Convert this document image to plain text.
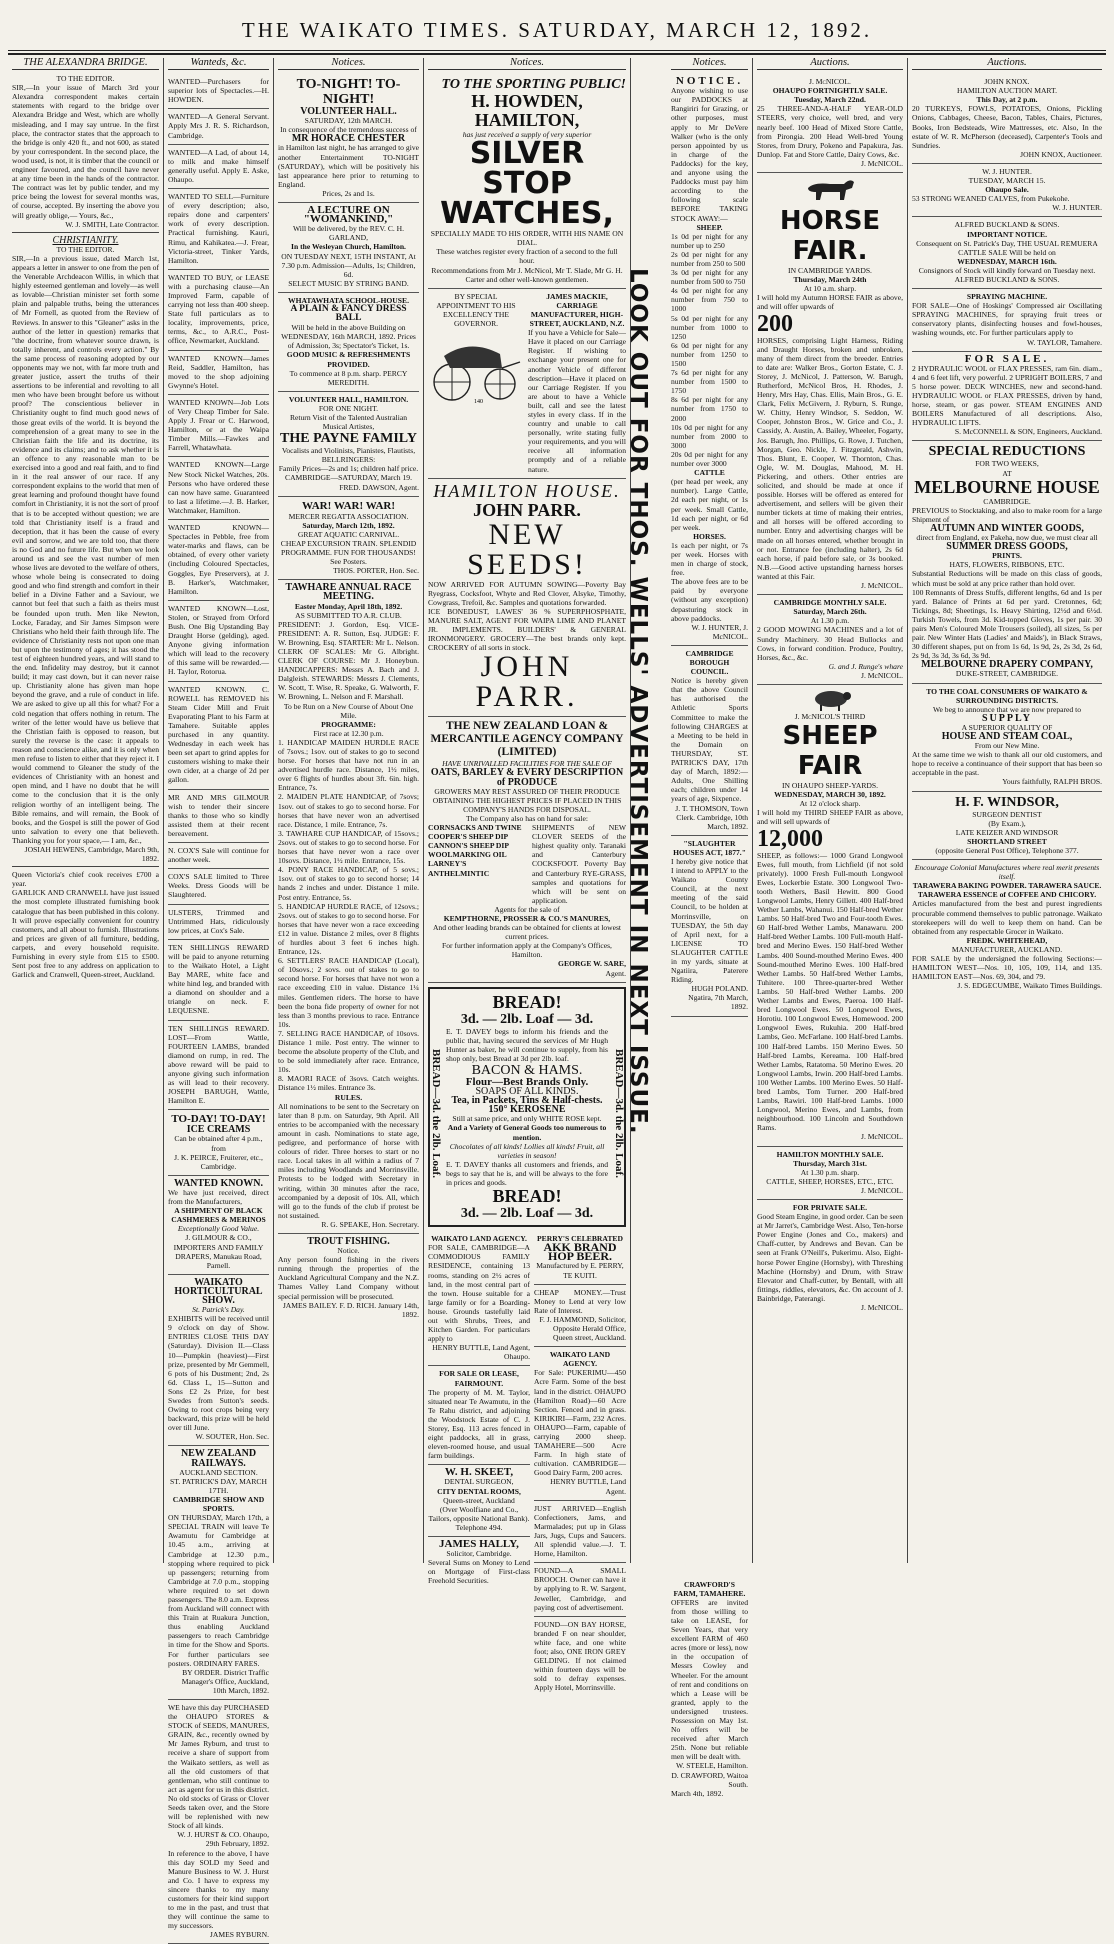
THE WAIKATO TIMES. SATURDAY, MARCH 12, 1892.
THE ALEXANDRA BRIDGE.
TO THE EDITOR.
SIR,—In your issue of March 3rd your Alexandra correspondent makes certain statements with regard to the bridge over Alexandra Bridge and West, which are wholly misleading, and I may say untrue. In the first place, the contractor states that the approach to the bridge is only 420 ft., and not 600, as stated by your correspondent. In the second place, the wood used, is not, it is timber that the council or engineer favoured, and the council have never at any time been in the hands of the contractor. The contract was let by public tender, and my price being the lowest for several months was, of course, accepted. By inserting the above you will greatly oblige,— Yours, &c.,
W. J. SMITH, Late Contractor.
CHRISTIANITY.
TO THE EDITOR.
SIR,—In a previous issue, dated March 1st, appears a letter in answer to one from the pen of the Venerable Archdeacon Willis, in which that highly esteemed gentleman and lovely—as well as lovable—Christian minister set forth some plain and palpable truths, being the utterances of Mr Fornell, as quoted from the Review of Reviews. In answer to this "Gleaner" asks in the author of the letter in question) remarks that "the doctrine, from whatever source drawn, is totally inherent, and controls every action." By the same process of reasoning adopted by our opponents may we not, with far more truth and greater justice, assert the truths of their assertions to be inferential and revolting to all men who have been brought before us without proof? The conscientious believer in Christianity ought to find much good news of those great evils of the world. It is beyond the comprehension of a great many to see in the Christian faith the life and its doctrine, its evidence and its claims; and to ask whether it is an offence to any reasonable man to be exercised into a good and real faith, and to find in it the real answer of our race. If any correspondent explains to the world that men of great learning and profound thought have found comfort in Christianity, it is not the sort of proof that is to be accepted without question; we are told that Christianity itself is a fraud and deception, that it has been the cause of every evil and sorrow, and we are told too, that there is no God and no future life. But when we look around us and see the vast number of men whose lives are devoted to the welfare of others, whose whole being is consecrated to doing good and who find strength and comfort in their belief in a Divine Father and a Saviour, we cannot but feel that such a faith as theirs must be founded upon truth. Men like Newton, Locke, Faraday, and Sir James Simpson were Christians who held their faith through life. The evidence of Christianity rests not upon one man but upon the testimony of ages; it has stood the test of eighteen hundred years, and will stand to the end. Infidelity may destroy, but it cannot build; it may cast down, but it can never raise up. Christianity alone has given man hope beyond the grave, and a rule of conduct in life. We are asked to give up all this for what? For a cold negation that offers nothing in return. The writer of the letter would have us believe that the Christian faith is opposed to reason, but surely the reverse is the case: it appeals to reason and conscience alike, and it is only when men refuse to listen to either that they reject it. I would commend to Gleaner the study of the evidences of Christianity with an honest and open mind, and I have no doubt that he will come to the conclusion that it is the only religion worthy of an intelligent being. The Bible remains, and will remain, the Book of books, and the Gospel is still the power of God unto salvation to every one that believeth. Thanking you for your space,— I am, &c.,
JOSIAH HEWENS, Cambridge, March 9th, 1892.
Queen Victoria's chief cook receives £700 a year.
GARLICK AND CRANWELL have just issued the most complete illustrated furnishing book catalogue that has been published in this colony. It will prove especially convenient for country customers, and all about to furnish. Illustrations and prices are given of all furniture, bedding, carpets, and every household requisite. Furnishing in every style from £15 to £500. Sent post free to any address on application to Garlick and Cranwell, Queen-street, Auckland.
Wanteds, &c.
WANTED—Purchasers for superior lots of Spectacles.—H. HOWDEN.
WANTED—A General Servant. Apply Mrs J. R. S. Richardson, Cambridge.
WANTED—A Lad, of about 14, to milk and make himself generally useful. Apply E. Aske, Ohaupo.
WANTED TO SELL—Furniture of every description; also, repairs done and carpenters' work of every description. Practical furnishing. Kauri, Rimu, and Kahikatea.—J. Frear, Victoria-street, Tinker Yards, Hamilton.
WANTED TO BUY, or LEASE with a purchasing clause—An Improved Farm, capable of carrying not less than 400 sheep. State full particulars as to locality, improvements, price, terms, &c., to A.R.C., Post-office, Newmarket, Auckland.
WANTED KNOWN—James Reid, Saddler, Hamilton, has moved to the shop adjoining Gwynne's Hotel.
WANTED KNOWN—Job Lots of Very Cheap Timber for Sale. Apply J. Frear or C. Harwood, Hamilton, or at the Waipa Timber Mills.—Fawkes and Farrell, Whatawhata.
WANTED KNOWN—Large New Stock Nickel Watches, 20s. Persons who have ordered these can now have same. Guaranteed to last a lifetime.—J. B. Harker, Watchmaker, Hamilton.
WANTED KNOWN—Spectacles in Pebble, free from water-marks and flaws, can be obtained, of every other variety (including Coloured Spectacles, Goggles, Eye Preservers), at J. B. Harker's, Watchmaker, Hamilton.
WANTED KNOWN—Lost, Stolen, or Strayed from Orford Bush. One Big Upstanding Bay Draught Horse (gelding), aged. Anyone giving information which will lead to the recovery of this same will be rewarded.—H. Taylor, Rotorua.
WANTED KNOWN. C. ROWELL has REMOVED his Steam Cider Mill and Fruit Evaporating Plant to his Farm at Tamahere. Suitable apples purchased in any quantity. Wednesday in each week has been set apart to grind apples for customers wishing to make their own cider, at a charge of 2d per gallon.
MR AND MRS GILMOUR wish to tender their sincere thanks to those who so kindly assisted them at their recent bereavement.
N. COX'S Sale will continue for another week.
COX'S SALE limited to Three Weeks. Dress Goods will be Slaughtered.
ULSTERS, Trimmed and Untrimmed Hats, ridiculously low prices, at Cox's Sale.
TEN SHILLINGS REWARD will be paid to anyone returning to the Waikato Hotel, a Light Bay MARE, white face and white hind leg, and branded with a diamond on shoulder and a triangle on neck. F. LEQUESNE.
TEN SHILLINGS REWARD. LOST—From Wattle, FOURTEEN LAMBS, branded diamond on rump, in red. The above reward will be paid to anyone giving such information as will lead to their recovery. JOSEPH BARUGH, Wattle, Hamilton E.
TO-DAY! TO-DAY!
ICE CREAMS
Can be obtained after 4 p.m., from
J. K. PEIRCE, Fruiterer, etc., Cambridge.
WANTED KNOWN.
We have just received, direct from the Manufacturers,
A SHIPMENT OF BLACK CASHMERES & MERINOS
Exceptionally Good Value.
J. GILMOUR & CO., IMPORTERS AND FAMILY DRAPERS, Manukau Road, Parnell.
WAIKATO HORTICULTURAL SHOW.
St. Patrick's Day.
EXHIBITS will be received until 9 o'clock on day of Show. ENTRIES CLOSE THIS DAY (Saturday). Division II.—Class 10—Pumpkin (heaviest)—First prize, presented by Mr Gemmell, 6 pots of his Dustment; 2nd, 2s 6d. Class L, 15—Sutton and Sons £2 2s Prize, for best Swedes from Sutton's seeds. Owing to root crops being very backward, this prize will be held over till June.
W. SOUTER, Hon. Sec.
NEW ZEALAND RAILWAYS.
AUCKLAND SECTION.
ST. PATRICK'S DAY, MARCH 17TH.
CAMBRIDGE SHOW AND SPORTS.
ON THURSDAY, March 17th, a SPECIAL TRAIN will leave Te Awamutu for Cambridge at 10.45 a.m., arriving at Cambridge at 12.30 p.m., stopping where required to pick up passengers; returning from Cambridge at 7.0 p.m., stopping where required to set down passengers. The 8.0 a.m. Express from Auckland will connect with this Train at Ruakura Junction, thus enabling Auckland passengers to reach Cambridge in time for the Show and Sports. For further particulars see posters. ORDINARY FARES.
BY ORDER. District Traffic Manager's Office, Auckland, 10th March, 1892.
WE have this day PURCHASED the OHAUPO STORES & STOCK of SEEDS, MANURES, GRAIN, &c., recently owned by Mr James Ryburn, and trust to receive a share of support from the Waikato settlers, as well as all the old customers of that gentleman, who still continue to act as agent for us in this district. No old stocks of Grass or Clover Seeds taken over, and the Store will be replenished with new Stock of all kinds.
W. J. HURST & CO. Ohaupo, 29th February, 1892.
In reference to the above, I have this day SOLD my Seed and Manure Business to W. J. Hurst and Co. I have to express my sincere thanks to my many customers for their kind support to me in the past, and trust that they will continue the same to my successors.
JAMES RYBURN.
Notices.
TO-NIGHT! TO-NIGHT!
VOLUNTEER HALL.
SATURDAY, 12th MARCH.
In consequence of the tremendous success of
MR HORACE CHESTER
in Hamilton last night, he has arranged to give another Entertainment TO-NIGHT (SATURDAY), which will be positively his last appearance here prior to returning to England.
Prices, 2s and 1s.
A LECTURE ON "WOMANKIND,"
Will be delivered, by the REV. C. H. GARLAND,
In the Wesleyan Church, Hamilton.
ON TUESDAY NEXT, 15TH INSTANT, At 7.30 p.m. Admission—Adults, 1s; Children, 6d.
SELECT MUSIC BY STRING BAND.
WHATAWHATA SCHOOL-HOUSE.
A PLAIN & FANCY DRESS BALL
Will be held in the above Building on WEDNESDAY, 16th MARCH, 1892. Prices of Admission, 3s; Spectator's Ticket, 1s.
GOOD MUSIC & REFRESHMENTS PROVIDED.
To commence at 8 p.m. sharp. PERCY MEREDITH.
VOLUNTEER HALL, HAMILTON.
FOR ONE NIGHT.
Return Visit of the Talented Australian Musical Artistes,
THE PAYNE FAMILY
Vocalists and Violinists, Pianistes, Flautists, BELLRINGERS:
Family Prices—2s and 1s; children half price. CAMBRIDGE—SATURDAY, March 19.
FRED. DAWSON, Agent.
WAR! WAR! WAR!
MERCER REGATTA ASSOCIATION.
Saturday, March 12th, 1892.
GREAT AQUATIC CARNIVAL.
CHEAP EXCURSION TRAIN. SPLENDID PROGRAMME. FUN FOR THOUSANDS! See Posters.
THOS. PORTER, Hon. Sec.
TAWHARE ANNUAL RACE MEETING.
Easter Monday, April 18th, 1892.
AS SUBMITTED TO A.R. CLUB.
PRESIDENT: J. Gordon, Esq. VICE-PRESIDENT: A. R. Sutton, Esq. JUDGE: F. W. Browning, Esq. STARTER: Mr L. Nelson. CLERK OF SCALES: Mr G. Albright. CLERK OF COURSE: Mr J. Honeybun. HANDICAPPERS: Messrs A. Bach and J. Dalgleish. STEWARDS: Messrs J. Clements, W. Scott, T. Wise, R. Speake, G. Walworth, F. W. Browning, L. Nelson and F. Marshall.
To be Run on a New Course of About One Mile.
PROGRAMME:
First race at 12.30 p.m.
1. HANDICAP MAIDEN HURDLE RACE of 7sovs.; 1sov. out of stakes to go to second horse. For horses that have not run in an advertised hurdle race. Distance, 1½ miles, over 6 flights of hurdles about 3ft. 6in. high. Entrance, 7s.
2. MAIDEN PLATE HANDICAP, of 7sovs; 1sov. out of stakes to go to second horse. For horses that have never won an advertised race. Distance, 1 mile. Entrance, 7s.
3. TAWHARE CUP HANDICAP, of 15sovs.; 2sovs. out of stakes to go to second horse. For horses that have never won a race over 10sovs. Distance, 1½ mile. Entrance, 15s.
4. PONY RACE HANDICAP, of 5 sovs.; 1sov. out of stakes to go to second horse; 14 hands 2 inches and under. Distance 1 mile. Post entry. Entrance, 5s.
5. HANDICAP HURDLE RACE, of 12sovs.; 2sovs. out of stakes to go to second horse. For horses that have never won a race exceeding £12 in value. Distance 2 miles, over 8 flights of hurdles about 3 feet 6 inches high. Entrance, 12s.
6. SETTLERS' RACE HANDICAP (Local), of 10sovs.; 2 sovs. out of stakes to go to second horse. For horses that have not won a race exceeding £10 in value. Distance 1¼ miles. Gentlemen riders. The horse to have been the bona fide property of owner for not less than 3 months previous to race. Entrance 10s.
7. SELLING RACE HANDICAP, of 10sovs. Distance 1 mile. Post entry. The winner to become the absolute property of the Club, and to be sold immediately after race. Entrance, 10s.
8. MAORI RACE of 3sovs. Catch weights. Distance 1½ miles. Entrance 3s.
RULES.
All nominations to be sent to the Secretary on later than 8 p.m. on Saturday, 9th April. All entries to be accompanied with the necessary amount in cash. Nominations to state age, pedigree, and performance of horse with colours of rider. Three horses to start or no race. Local takes in all within a radius of 7 miles including Woodlands and Morrinsville. Protests to be lodged with Secretary in writing, within 30 minutes after the race, accompanied by a deposit of 10s. All, which will go to the funds of the club if protest be not sustained.
R. G. SPEAKE, Hon. Secretary.
TROUT FISHING.
Notice.
Any person found fishing in the rivers running through the properties of the Auckland Agricultural Company and the N.Z. Thames Valley Land Company without special permission will be prosecuted.
JAMES BAILEY. F. D. RICH. January 14th, 1892.
Notices.
TO THE SPORTING PUBLIC!
H. HOWDEN, HAMILTON,
has just received a supply of very superior
SILVER STOP WATCHES,
SPECIALLY MADE TO HIS ORDER, WITH HIS NAME ON DIAL.
These watches register every fraction of a second to the full hour.
Recommendations from Mr J. McNicol, Mr T. Slade, Mr G. H. Carter and other well-known gentlemen.
BY SPECIAL APPOINTMENT TO HIS EXCELLENCY THE GOVERNOR.
140
JAMES MACKIE, CARRIAGE MANUFACTURER, HIGH-STREET, AUCKLAND, N.Z.
If you have a Vehicle for Sale—Have it placed on our Carriage Register. If wishing to exchange your present one for another Vehicle of different description—Have it placed on our Carriage Register. If you are about to have a Vehicle built, call and see the latest styles in every class. If in the country and unable to call personally, write stating fully your requirements, and you will receive all information promptly and of a reliable nature.
HAMILTON HOUSE.
JOHN PARR.
NEW SEEDS!
NOW ARRIVED FOR AUTUMN SOWING—Poverty Bay Ryegrass, Cocksfoot, Whyte and Red Clover, Alsyke, Timothy, Cowgrass, Trefoil, &c. Samples and quotations forwarded.
ICE BONEDUST, LAWES' 36 % SUPERPHOSPHATE, MANURE SALT, AGENT FOR WAIPA LIME AND PLANET JR. IMPLEMENTS. BUILDERS' & GENERAL IRONMONGERY. GROCERY—The best brands only kept. CROCKERY of all sorts in stock.
JOHN PARR.
THE NEW ZEALAND LOAN & MERCANTILE AGENCY COMPANY (LIMITED)
HAVE UNRIVALLED FACILITIES FOR THE SALE OF
OATS, BARLEY & EVERY DESCRIPTION of PRODUCE
GROWERS MAY REST ASSURED OF THEIR PRODUCE OBTAINING THE HIGHEST PRICES IF PLACED IN THIS COMPANY'S HANDS FOR DISPOSAL.
The Company also has on hand for sale:
CORNSACKS AND TWINE
COOPER'S SHEEP DIP
CANNON'S SHEEP DIP
WOOLMARKING OIL
LARNEY'S ANTHELMINTIC
SHIPMENTS of NEW CLOVER SEEDS of the highest quality only. Taranaki and Canterbury COCKSFOOT. Poverty Bay and Canterbury RYE-GRASS, samples and quotations for which will be sent on application.
Agents for the sale of
KEMPTHORNE, PROSSER & CO.'S MANURES,
And other leading brands can be obtained for clients at lowest current prices.
For further information apply at the Company's Offices, Hamilton.
GEORGE W. SARE,
Agent.
BREAD—3d. the 2lb. Loaf.	BREAD—3d. the 2lb. Loaf.
BREAD!
3d. — 2lb. Loaf — 3d.
E. T. DAVEY begs to inform his friends and the public that, having secured the services of Mr Hugh Hunter as baker, he will continue to supply, from his shop only, best Bread at 3d per 2lb. loaf.
BACON & HAMS.
Flour—Best Brands Only.
SOAPS OF ALL KINDS.
Tea, in Packets, Tins & Half-chests.
150° KEROSENE
Still at same price, and only WHITE ROSE kept.
And a Variety of General Goods too numerous to mention.
Chocolates of all kinds! Lollies all kinds! Fruit, all varieties in season!
E. T. DAVEY thanks all customers and friends, and begs to say that he is, and will be always to the fore in prices and goods.
BREAD!
3d. — 2lb. Loaf — 3d.
WAIKATO LAND AGENCY.
FOR SALE, CAMBRIDGE—A COMMODIOUS FAMILY RESIDENCE, containing 13 rooms, standing on 2½ acres of land, in the most central part of the town. House suitable for a large family or for a Boarding-house. Grounds tastefully laid out with Shrubs, Trees, and Kitchen Garden. For particulars apply to
HENRY BUTTLE, Land Agent, Ohaupo.
FOR SALE OR LEASE, FAIRMOUNT.
The property of M. M. Taylor, situated near Te Awamutu, in the Te Rahu district, and adjoining the Woodstock Estate of C. J. Storey, Esq. 113 acres fenced in eight paddocks, all in grass, eleven-roomed house, and usual farm buildings.
W. H. SKEET,
DENTAL SURGEON,
CITY DENTAL ROOMS,
Queen-street, Auckland
(Over Woolfiane and Co., Tailors, opposite National Bank).
Telephone 494.
JAMES HALLY,
Solicitor, Cambridge.
Several Sums on Money to Lend on Mortgage of First-class Freehold Securities.
PERRY'S CELEBRATED
AKK BRAND HOP BEER.
Manufactured by E. PERRY, TE KUITI.
CHEAP MONEY.—Trust Money to Lend at very low Rate of Interest.
F. J. HAMMOND, Solicitor, Opposite Herald Office, Queen street, Auckland.
WAIKATO LAND AGENCY.
For Sale: PUKERIMU—450 Acre Farm. Some of the best land in the district. OHAUPO (Hamilton Road)—60 Acre Section. Fenced and in grass. KIRIKIRI—Farm, 232 Acres. OHAUPO—Farm, capable of carrying 2000 sheep. TAMAHERE—500 Acre Farm. In high state of cultivation. CAMBRIDGE—Good Dairy Farm, 200 acres.
HENRY BUTTLE, Land Agent.
JUST ARRIVED—English Confectioners, Jams, and Marmalades; put up in Glass Jars, Jugs, Cups and Saucers. All splendid value.—J. T. Horne, Hamilton.
FOUND—A SMALL BROOCH. Owner can have it by applying to R. W. Sargent, Jeweller, Cambridge, and paying cost of advertisement.
FOUND—ON BAY HORSE, branded F on near shoulder, white face, and one white foot; also, ONE IRON GREY GELDING. If not claimed within fourteen days will be sold to defray expenses. Apply Hotel, Morrinsville.
LOOK OUT FOR THOS. WELLS' ADVERTISEMENT IN NEXT ISSUE.
Notices.
NOTICE.
Anyone wishing to use our PADDOCKS at Rangiriri for Grazing, or other purposes, must apply to Mr DeVere Walker (who is the only person appointed by us in charge of the Paddocks) for the key, and anyone using the Paddocks must pay him according to the following scale BEFORE TAKING STOCK AWAY:—
SHEEP.
1s 0d per night for any number up to 250
2s 0d per night for any number from 250 to 500
3s 0d per night for any number from 500 to 750
4s 0d per night for any number from 750 to 1000
5s 0d per night for any number from 1000 to 1250
6s 0d per night for any number from 1250 to 1500
7s 6d per night for any number from 1500 to 1750
8s 6d per night for any number from 1750 to 2000
10s 0d per night for any number from 2000 to 3000
20s 0d per night for any number over 3000
CATTLE
(per head per week, any number). Large Cattle, 2d each per night, or 1s per week. Small Cattle, 1d each per night, or 6d per week.
HORSES.
1s each per night, or 7s per week. Horses with men in charge of stock, free.
The above fees are to be paid by everyone (without any exception) depasturing stock in above paddocks.
W. J. HUNTER, J. McNICOL.
CAMBRIDGE BOROUGH COUNCIL.
Notice is hereby given that the above Council has authorised the Athletic Sports Committee to make the following CHARGES at a Meeting to be held in the Domain on THURSDAY, ST. PATRICK'S DAY, 17th day of March, 1892:— Adults, One Shilling each; children under 14 years of age, Sixpence.
J. T. THOMSON, Town Clerk. Cambridge, 10th March, 1892.
"SLAUGHTER HOUSES ACT, 1877."
I hereby give notice that I intend to APPLY to the Waikato County Council, at the next meeting of the said Council, to be holden at Morrinsville, on TUESDAY, the 5th day of April next, for a LICENSE TO SLAUGHTER CATTLE in my yards, situate at Ngatiira, Paterere Riding.
HUGH POLAND. Ngatira, 7th March, 1892.
CRAWFORD'S FARM, TAMAHERE.
OFFERS are invited from those willing to take on LEASE, for Seven Years, that very excellent FARM of 460 acres (more or less), now in the occupation of Messrs Cowley and Wheeler. For the amount of rent and conditions on which a Lease will be granted, apply to the undersigned trustees. Possession on May 1st. No offers will be received after March 25th. None but reliable men will be dealt with.
W. STEELE, Hamilton. D. CRAWFORD, Waitoa South.
March 4th, 1892.
Auctions.
J. McNICOL.
OHAUPO FORTNIGHTLY SALE.
Tuesday, March 22nd.
25 THREE-AND-A-HALF YEAR-OLD STEERS, very choice, well bred, and very nearly beef. 100 Head of Mixed Store Cattle, from Pirongia. 200 Head Well-bred Young Stores, from Drury, Pokeno and Papakura, Jas. Dunlop. Fat and Store Cattle, Dairy Cows, &c.
J. McNICOL.
HORSE FAIR.
IN CAMBRIDGE YARDS.
Thursday, March 24th
At 10 a.m. sharp.
I will hold my Autumn HORSE FAIR as above, and will offer upwards of
200
HORSES, comprising Light Harness, Riding and Draught Horses, broken and unbroken, many of them direct from the breeder. Entries to date are: Walker Bros., Gorton Estate, C. J. Storey, J. McNicol, J. Patterson, W. Barugh, Rutherford, McNicol Bros, H. Rhodes, J. Henry, Mrs Hay, Chas. Ellis, Main Bros., G. E. Clark, Felix McGivern, J. Ryburn, S. Runge, W. Chitty, Henry Windsor, S. Seddon, W. Cooper, Johnston Bros., W. Grice and Co., J. Cassidy, A. Austin, A. Bailey, Wheeler, Fogarty, Jos. Barugh, Jno. Phillips, G. Rowe, J. Tutchen, Morgan, Geo. Nickle, J. Fitzgerald, Ashwin, Thos. Blunt, E. Cooper, W. Thornton, Chas. Ogle, W. M. Douglas, Mahood, M. H. Pickering, and others. Other entries are solicited, and should be made at once if possible. Horses will be offered as entered for advertisement, and sellers will be given their number tickets at time of making their entries, and all horses will be offered according to number. Entry and advertising charges will be made on all horses entered, whether brought in or not. Entrance fee (including halter), 2s 6d each horse, if paid before sale, or 3s booked. N.B.—Good active upstanding harness horses wanted at this Fair.
J. McNICOL.
CAMBRIDGE MONTHLY SALE.
Saturday, March 26th.
At 1.30 p.m.
2 GOOD MOWING MACHINES and a lot of Sundry Machinery. 30 Head Bullocks and Cows, in forward condition. Produce, Poultry, Horses, &c., &c.
G. and J. Runge's whare
J. McNICOL.
J. McNICOL'S THIRD
SHEEP FAIR
IN OHAUPO SHEEP-YARDS.
WEDNESDAY, MARCH 30, 1892.
At 12 o'clock sharp.
I will hold my THIRD SHEEP FAIR as above, and will sell upwards of
12,000
SHEEP, as follows:— 1000 Grand Longwool Ewes, full mouth, from Lichfield (if not sold privately). 1000 Fresh Full-mouth Longwool Ewes, Lockerbie Estate. 300 Longwool Two-tooth Wethers, Basil Hewitt. 800 Good Longwool Lambs, Henry Gillett. 400 Half-bred Wether Lambs, Wahanui. 150 Half-bred Wether Lambs. 50 Half-bred Two and Four-tooth Ewes. 60 Half-bred Wether Lambs, Manawaru. 200 Half-bred Wether Lambs. 100 Full-mouth Half-bred and Merino Ewes. 150 Half-bred Wether Lambs. 400 Sound-mouthed Merino Ewes. 400 Sound-mouthed Merino Ewes. 100 Half-bred Wether Lambs. 50 Half-bred Wether Lambs, Tuhitere. 100 Three-quarter-bred Wether Lambs. 50 Half-bred Wether Lambs. 200 Wether Lambs and Ewes, Paeroa. 100 Half-bred Longwool Ewes. 50 Longwool Ewes, Horotiu. 100 Longwool Ewes, Homewood. 200 Longwool Ewes, Rukuhia. 200 Half-bred Lambs, Geo. McFarlane. 100 Half-bred Lambs. 100 Half-bred Lambs. 150 Merino Ewes. 50 Half-bred Lambs, Kereama. 100 Half-bred Wether Lambs, Ratatoma. 50 Merino Ewes. 20 Longwool Lambs, Irwin. 200 Half-bred Lambs. 100 Wether Lambs. 100 Merino Ewes. 50 Half-bred Lambs, Tom Turner. 200 Half-bred Lambs, Rawiri. 100 Half-bred Lambs. 1000 Longwool, Merino Ewes, and Lambs, from neighbourhood. 100 Lincoln and Southdown Rams.
J. McNICOL.
HAMILTON MONTHLY SALE.
Thursday, March 31st.
At 1.30 p.m. sharp.
CATTLE, SHEEP, HORSES, ETC., ETC.
J. McNICOL.
FOR PRIVATE SALE.
Good Steam Engine, in good order. Can be seen at Mr Jarret's, Cambridge West. Also, Ten-horse Power Engine (Jones and Co., makers) and Chaff-cutter, by Andrews and Bevan. Can be seen at Frank O'Neill's, Pukerimu. Also, Eight-horse Power Engine (Hornsby), with Threshing Machine (Hornsby) and Drum, with Straw Elevator and Chaff-cutter, by Bentall, with all fittings, riddles, elevators, &c. On account of J. Bainbridge, Paterangi.
J. McNICOL.
Auctions.
JOHN KNOX.
HAMILTON AUCTION MART.
This Day, at 2 p.m.
20 TURKEYS, FOWLS, POTATOES, Onions, Pickling Onions, Cabbages, Cheese, Bacon, Tables, Chairs, Pictures, Books, Iron Bedsteads, Wire Mattresses, etc. Also, In the estate of W. R. McPherson (deceased), Carpenter's Tools and Sundries.
JOHN KNOX, Auctioneer.
W. J. HUNTER.
TUESDAY, MARCH 15.
Ohaupo Sale.
53 STRONG WEANED CALVES, from Pukekohe.
W. J. HUNTER.
ALFRED BUCKLAND & SONS.
IMPORTANT NOTICE.
Consequent on St. Patrick's Day, THE USUAL REMUERA CATTLE SALE Will be held on
WEDNESDAY, MARCH 16th.
Consignors of Stock will kindly forward on Tuesday next.
ALFRED BUCKLAND & SONS.
SPRAYING MACHINE.
FOR SALE—One of Hoskings' Compressed air Oscillating SPRAYING MACHINES, for spraying fruit trees or conservatory plants, disinfecting houses and fowl-houses, washing wounds, etc. For further particulars apply to
W. TAYLOR, Tamahere.
FOR SALE.
2 HYDRAULIC WOOL or FLAX PRESSES, ram 6in. diam., 4 and 6 feet lift, very powerful. 2 UPRIGHT BOILERS, 7 and 5 horse power. DECK WINCHES, new and second-hand. HYDRAULIC WOOL or FLAX PRESSES, driven by hand, horse, steam, or gas power. STEAM ENGINES AND BOILERS Manufactured of all descriptions. Also, HYDRAULIC LIFTS.
S. McCONNELL & SON, Engineers, Auckland.
SPECIAL REDUCTIONS
FOR TWO WEEKS,
AT
MELBOURNE HOUSE
CAMBRIDGE.
PREVIOUS to Stocktaking, and also to make room for a large Shipment of
AUTUMN AND WINTER GOODS,
direct from England, ex Pakeha, now due, we must clear all
SUMMER DRESS GOODS,
PRINTS.
HATS, FLOWERS, RIBBONS, ETC.
Substantial Reductions will be made on this class of goods, which must be sold at any price rather than hold over.
100 Remnants of Dress Stuffs, different lengths, 6d and 1s per yard. Balance of Prints at 6d per yard. Cretonnes, 6d; Tickings, 8d; Sheetings, 1s. Heavy Shirting, 12½d and 6½d. Turkish Towels, from 3d. Kid-topped Gloves, 1s per pair. 30 pairs Men's Coloured Mole Trousers (soiled), all sizes, 5s per pair. New Winter Hats (Ladies' and Maids'), in Black Straws, 30 different shapes, put on from 1s 6d, 1s 9d, 2s, 2s 3d, 2s 6d, 2s 9d, 3s 3d, 3s 6d, 3s 9d.
MELBOURNE DRAPERY COMPANY,
DUKE-STREET, CAMBRIDGE.
TO THE COAL CONSUMERS OF WAIKATO & SURROUNDING DISTRICTS.
We beg to announce that we are now prepared to
SUPPLY
A SUPERIOR QUALITY OF
HOUSE AND STEAM COAL,
From our New Mine.
At the same time we wish to thank all our old customers, and hope to receive a continuance of their support that has been so acceptable in the past.
Yours faithfully, RALPH BROS.
H. F. WINDSOR,
SURGEON DENTIST
(By Exam.),
LATE KEIZER AND WINDSOR
SHORTLAND STREET
(opposite General Post Office), Telephone 377.
Encourage Colonial Manufactures where real merit presents itself.
TARAWERA BAKING POWDER. TARAWERA SAUCE. TARAWERA ESSENCE of COFFEE AND CHICORY.
Articles manufactured from the best and purest ingredients procurable commend themselves to public patronage. Waikato storekeepers will do well to keep them on hand. Can be obtained from any respectable Grocer in Waikato.
FREDK. WHITEHEAD,
MANUFACTURER, AUCKLAND.
FOR SALE by the undersigned the following Sections:— HAMILTON WEST—Nos. 10, 105, 109, 114, and 135. HAMILTON EAST—Nos. 69, 304, and 79.
J. S. EDGECUMBE, Waikato Times Buildings.
